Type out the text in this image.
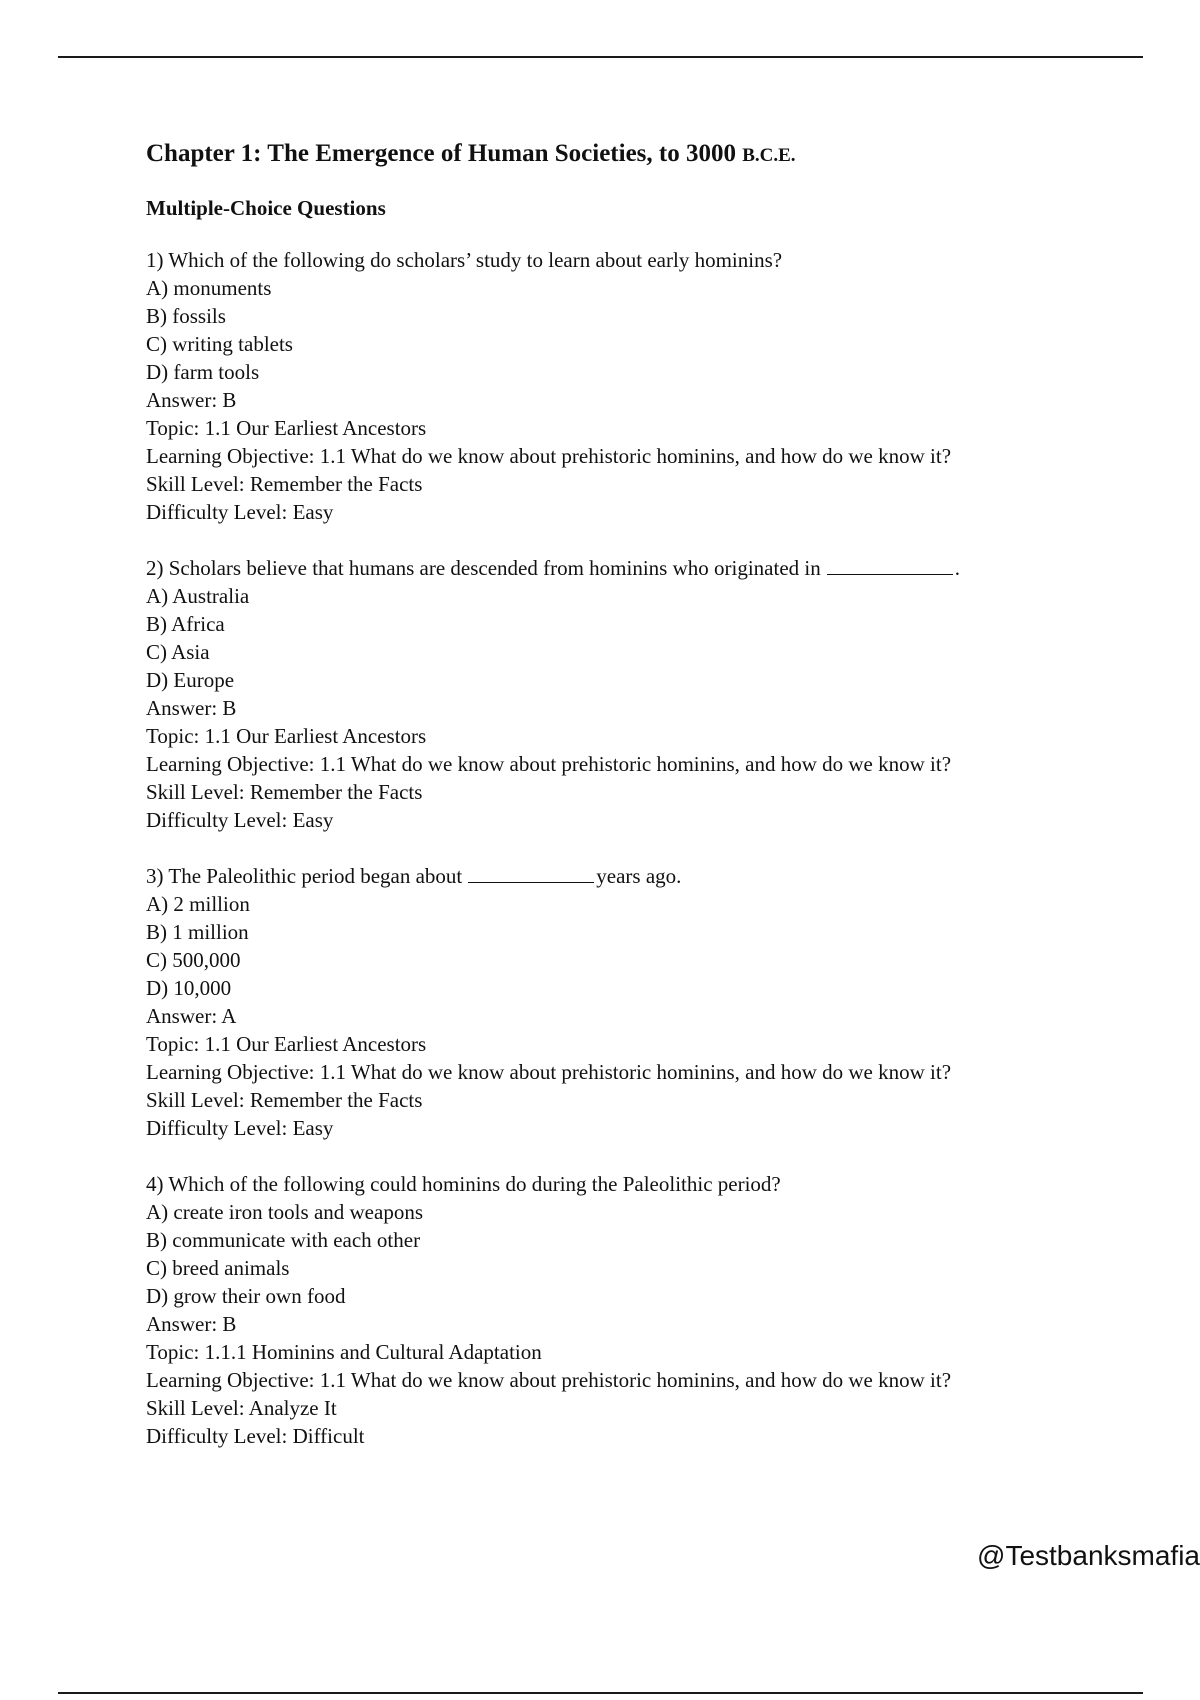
Chapter 1: The Emergence of Human Societies, to 3000 B.C.E.
Multiple-Choice Questions
1) Which of the following do scholars’ study to learn about early hominins?
A) monuments
B) fossils
C) writing tablets
D) farm tools
Answer: B
Topic: 1.1 Our Earliest Ancestors
Learning Objective: 1.1 What do we know about prehistoric hominins, and how do we know it?
Skill Level: Remember the Facts
Difficulty Level: Easy
2) Scholars believe that humans are descended from hominins who originated in	.
A) Australia
B) Africa
C) Asia
D) Europe
Answer: B
Topic: 1.1 Our Earliest Ancestors
Learning Objective: 1.1 What do we know about prehistoric hominins, and how do we know it?
Skill Level: Remember the Facts
Difficulty Level: Easy
3) The Paleolithic period began about	years ago.
A) 2 million
B) 1 million
C) 500,000
D) 10,000
Answer: A
Topic: 1.1 Our Earliest Ancestors
Learning Objective: 1.1 What do we know about prehistoric hominins, and how do we know it?
Skill Level: Remember the Facts
Difficulty Level: Easy
4) Which of the following could hominins do during the Paleolithic period?
A) create iron tools and weapons
B) communicate with each other
C) breed animals
D) grow their own food
Answer: B
Topic: 1.1.1 Hominins and Cultural Adaptation
Learning Objective: 1.1 What do we know about prehistoric hominins, and how do we know it?
Skill Level: Analyze It
Difficulty Level: Difficult
@Testbanksmafia
